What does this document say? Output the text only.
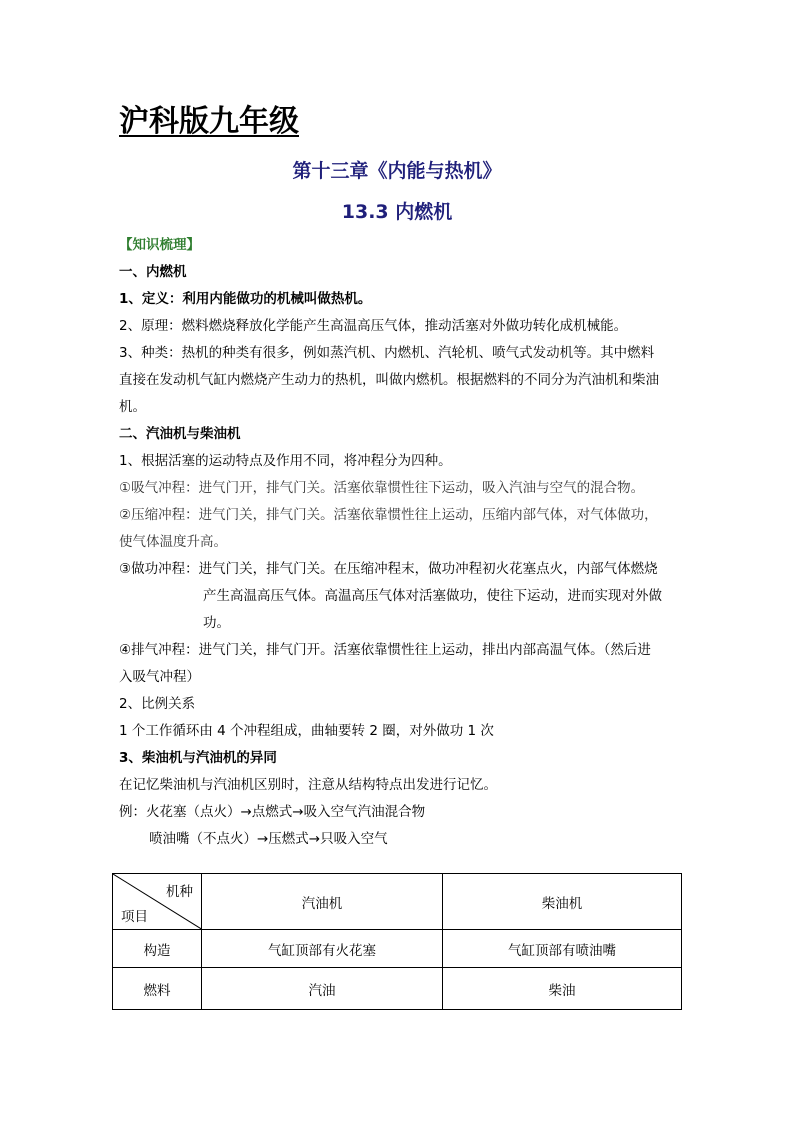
沪科版九年级
第十三章《内能与热机》
13.3 内燃机
【知识梳理】
一、内燃机
1、定义：利用内能做功的机械叫做热机。
2、原理：燃料燃烧释放化学能产生高温高压气体，推动活塞对外做功转化成机械能。
3、种类：热机的种类有很多，例如蒸汽机、内燃机、汽轮机、喷气式发动机等。其中燃料
直接在发动机气缸内燃烧产生动力的热机，叫做内燃机。根据燃料的不同分为汽油机和柴油
机。
二、汽油机与柴油机
1、根据活塞的运动特点及作用不同，将冲程分为四种。
①吸气冲程：进气门开，排气门关。活塞依靠惯性往下运动，吸入汽油与空气的混合物。
②压缩冲程：进气门关，排气门关。活塞依靠惯性往上运动，压缩内部气体，对气体做功，
使气体温度升高。
③做功冲程：进气门关，排气门关。在压缩冲程末，做功冲程初火花塞点火，内部气体燃烧
产生高温高压气体。高温高压气体对活塞做功，使往下运动，进而实现对外做
功。
④排气冲程：进气门关，排气门开。活塞依靠惯性往上运动，排出内部高温气体。（然后进
入吸气冲程）
2、比例关系
1 个工作循环由 4 个冲程组成，曲轴要转 2 圈，对外做功 1 次
3、柴油机与汽油机的异同
在记忆柴油机与汽油机区别时，注意从结构特点出发进行记忆。
例：火花塞（点火）→点燃式→吸入空气汽油混合物
喷油嘴（不点火）→压燃式→只吸入空气
机种
项目	汽油机	柴油机
构造	气缸顶部有火花塞	气缸顶部有喷油嘴
燃料	汽油	柴油
